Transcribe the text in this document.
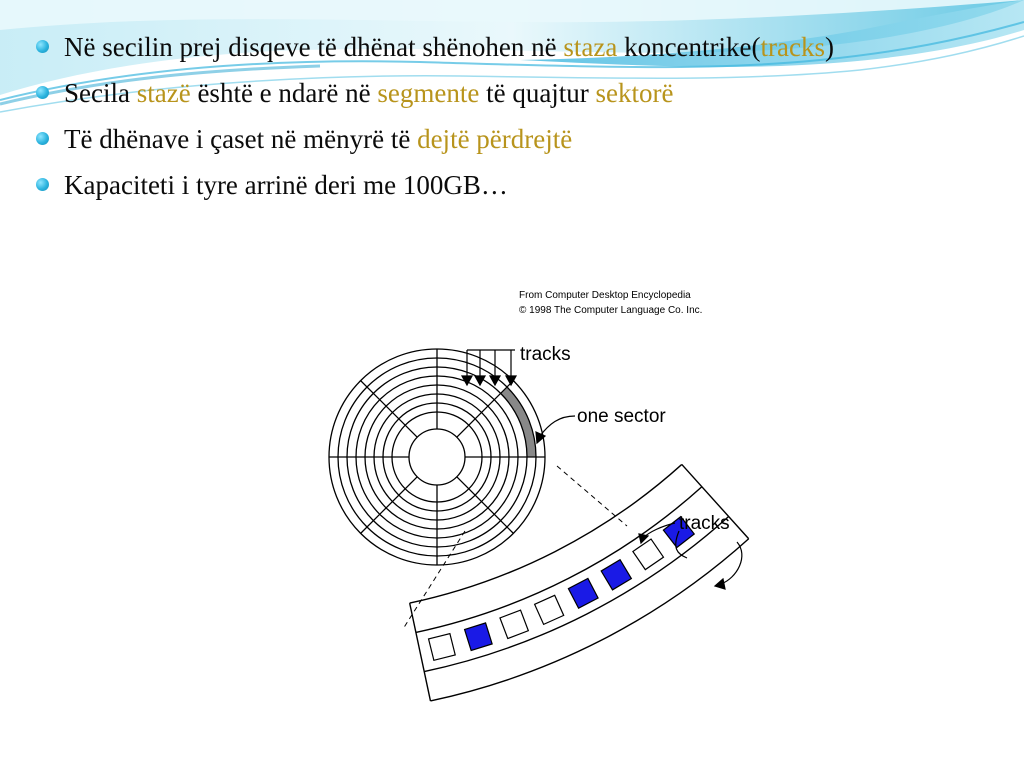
Në secilin prej disqeve të dhënat shënohen në staza koncentrike(tracks)
Secila stazë është e ndarë në segmente të quajtur sektorë
Të dhënave i çaset në mënyrë të dejtë përdrejtë
Kapaciteti i tyre arrinë deri me 100GB…
From Computer Desktop Encyclopedia
© 1998 The Computer Language Co. Inc.
tracks
one sector
tracks
